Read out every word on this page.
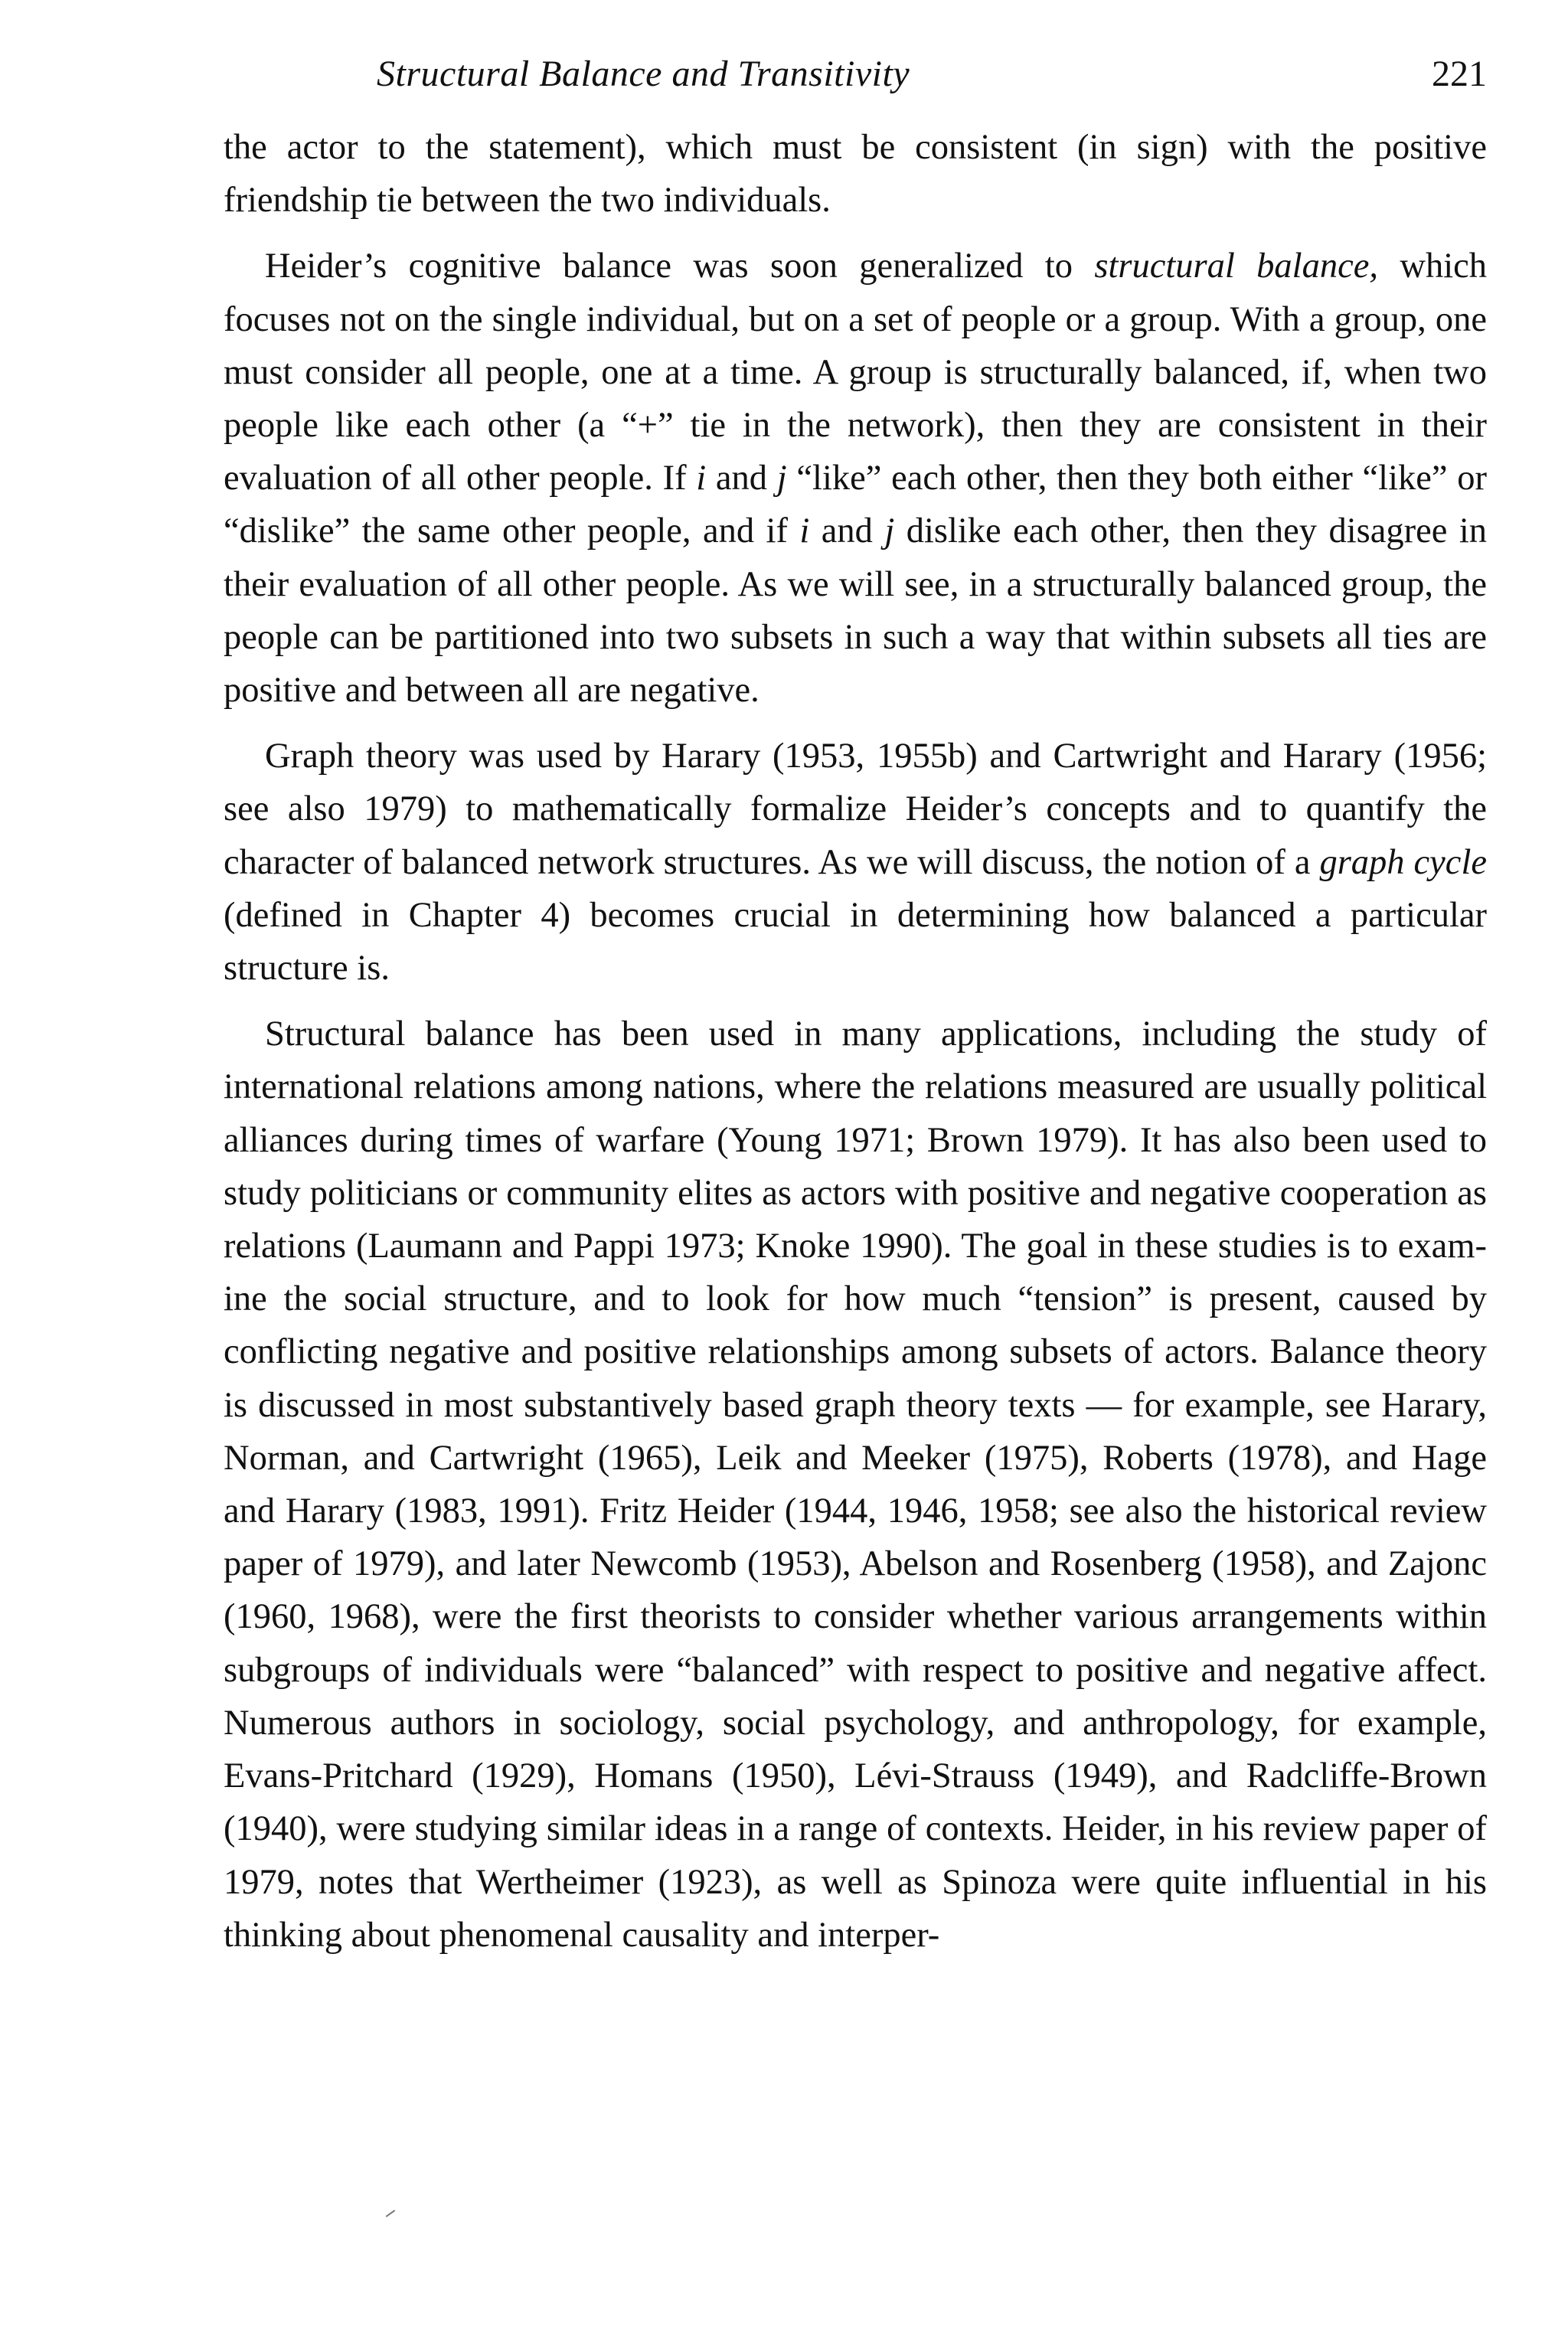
Structural Balance and Transitivity	221

the actor to the statement), which must be consistent (in sign) with the positive friendship tie between the two individuals.

Heider’s cognitive balance was soon generalized to structural balance, which focuses not on the single individual, but on a set of people or a group. With a group, one must consider all people, one at a time. A group is structurally balanced, if, when two people like each other (a “+” tie in the network), then they are consistent in their evaluation of all other people. If i and j “like” each other, then they both either “like” or “dislike” the same other people, and if i and j dislike each other, then they disagree in their evaluation of all other people. As we will see, in a structurally balanced group, the people can be partitioned into two subsets in such a way that within subsets all ties are positive and between all are negative.

Graph theory was used by Harary (1953, 1955b) and Cartwright and Harary (1956; see also 1979) to mathematically formalize Heider’s concepts and to quantify the character of balanced network structures. As we will discuss, the notion of a graph cycle (defined in Chapter 4) becomes crucial in determining how balanced a particular structure is.

Structural balance has been used in many applications, including the study of international relations among nations, where the relations measured are usually political alliances during times of warfare (Young 1971; Brown 1979). It has also been used to study politicians or community elites as actors with positive and negative cooperation as relations (Laumann and Pappi 1973; Knoke 1990). The goal in these studies is to examine the social structure, and to look for how much “tension” is present, caused by conflicting negative and positive relationships among subsets of actors. Balance theory is discussed in most substantively based graph theory texts — for example, see Harary, Norman, and Cartwright (1965), Leik and Meeker (1975), Roberts (1978), and Hage and Harary (1983, 1991). Fritz Heider (1944, 1946, 1958; see also the historical review paper of 1979), and later Newcomb (1953), Abelson and Rosenberg (1958), and Zajonc (1960, 1968), were the first theorists to consider whether various arrangements within subgroups of individuals were “balanced” with respect to positive and negative affect. Numerous authors in sociology, social psychology, and anthropology, for example, Evans-Pritchard (1929), Homans (1950), Lévi-Strauss (1949), and Radcliffe-Brown (1940), were studying similar ideas in a range of contexts. Heider, in his review paper of 1979, notes that Wertheimer (1923), as well as Spinoza were quite influential in his thinking about phenomenal causality and interper-
